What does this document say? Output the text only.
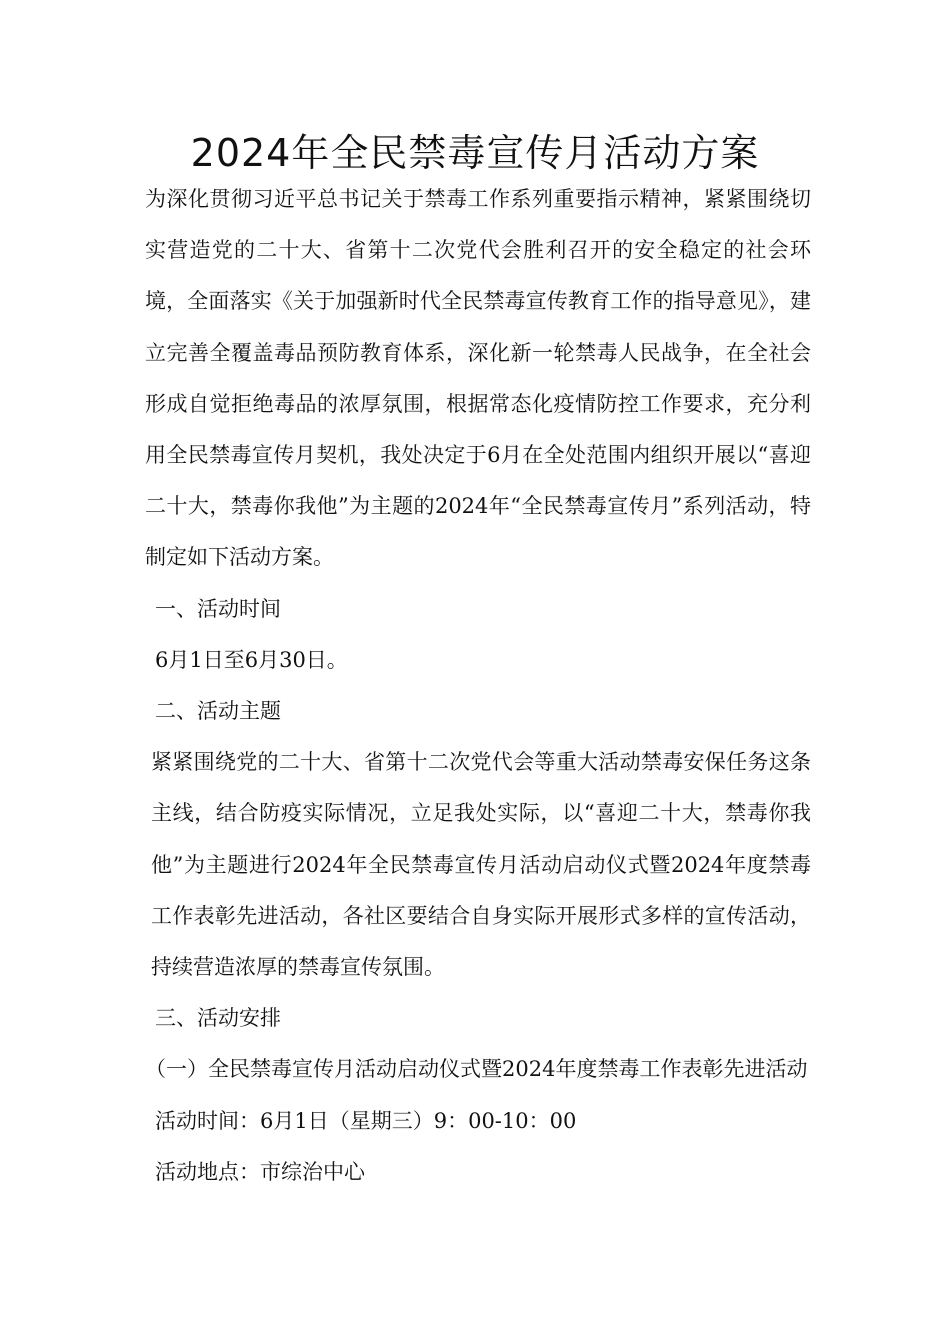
2024年全民禁毒宣传月活动方案

为深化贯彻习近平总书记关于禁毒工作系列重要指示精神，紧紧围绕切实营造党的二十大、省第十二次党代会胜利召开的安全稳定的社会环境，全面落实《关于加强新时代全民禁毒宣传教育工作的指导意见》，建立完善全覆盖毒品预防教育体系，深化新一轮禁毒人民战争，在全社会形成自觉拒绝毒品的浓厚氛围，根据常态化疫情防控工作要求，充分利用全民禁毒宣传月契机，我处决定于6月在全处范围内组织开展以“喜迎二十大，禁毒你我他”为主题的2024年“全民禁毒宣传月”系列活动，特制定如下活动方案。

一、活动时间

6月1日至6月30日。

二、活动主题

紧紧围绕党的二十大、省第十二次党代会等重大活动禁毒安保任务这条主线，结合防疫实际情况，立足我处实际，以“喜迎二十大，禁毒你我他”为主题进行2024年全民禁毒宣传月活动启动仪式暨2024年度禁毒工作表彰先进活动，各社区要结合自身实际开展形式多样的宣传活动，持续营造浓厚的禁毒宣传氛围。

三、活动安排

（一）全民禁毒宣传月活动启动仪式暨2024年度禁毒工作表彰先进活动

活动时间：6月1日（星期三）9：00-10：00

活动地点：市综治中心
